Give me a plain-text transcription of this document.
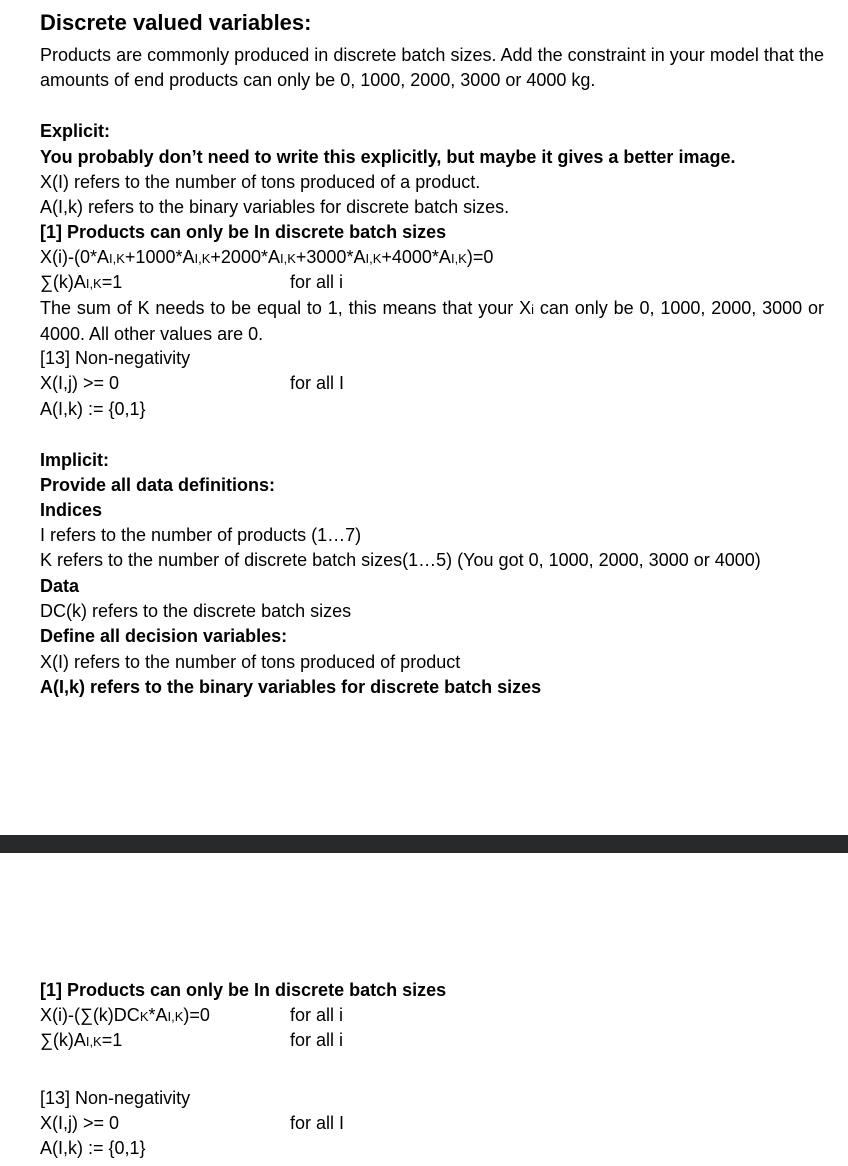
Discrete valued variables:
Products are commonly produced in discrete batch sizes. Add the constraint in your model that the amounts of end products can only be 0, 1000, 2000, 3000 or 4000 kg.
Explicit:
You probably don’t need to write this explicitly, but maybe it gives a better image.
X(I) refers to the number of tons produced of a product.
A(I,k) refers to the binary variables for discrete batch sizes.
[1] Products can only be In discrete batch sizes
X(i)-(0*AI,K+1000*AI,K+2000*AI,K+3000*AI,K+4000*AI,K)=0
∑(k)AI,K=1	for all i
The sum of K needs to be equal to 1, this means that your Xi can only be 0, 1000, 2000, 3000 or 4000. All other values are 0.
[13] Non-negativity
X(I,j) >= 0	for all I
A(I,k) := {0,1}
Implicit:
Provide all data definitions:
Indices
I refers to the number of products (1…7)
K refers to the number of discrete batch sizes(1…5) (You got 0, 1000, 2000, 3000 or 4000)
Data
DC(k) refers to the discrete batch sizes
Define all decision variables:
X(I) refers to the number of tons produced of product
A(I,k) refers to the binary variables for discrete batch sizes
[1] Products can only be In discrete batch sizes
X(i)-(∑(k)DCK*AI,K)=0	for all i
∑(k)AI,K=1	for all i
[13] Non-negativity
X(I,j) >= 0	for all I
A(I,k) := {0,1}
